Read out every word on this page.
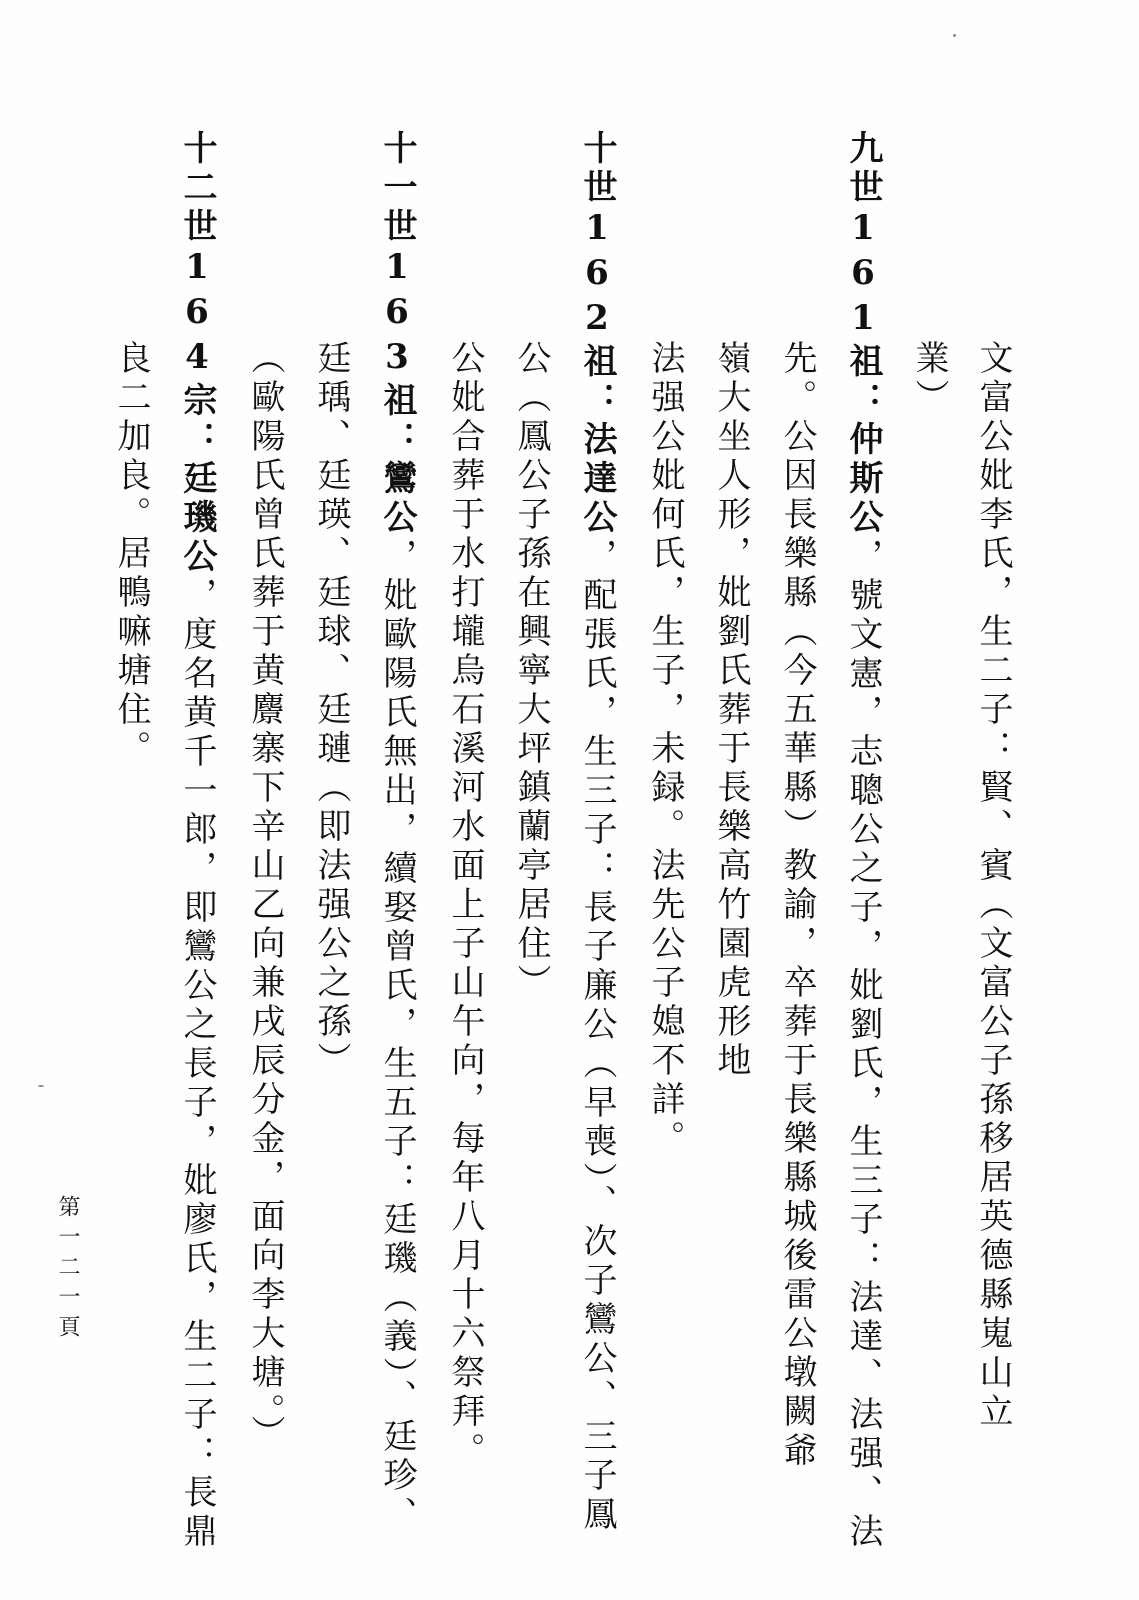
文富公妣李氏，生二子：賢、賓（文富公子孫移居英德縣嵬山立
業）
九世161祖：仲斯公，號文憲，志聰公之子，妣劉氏，生三子：法達、法强、法
先。公因長樂縣（今五華縣）教諭，卒葬于長樂縣城後雷公墩闕爺
嶺大坐人形，妣劉氏葬于長樂高竹園虎形地
法强公妣何氏，生子，未録。法先公子媳不詳。
十世162祖：法達公，配張氏，生三子：長子廉公（早喪）、次子鸞公、三子鳳
公（鳳公子孫在興寧大坪鎮蘭亭居住）
公妣合葬于水打壠烏石溪河水面上子山午向，每年八月十六祭拜。
十一世163祖：鸞公，妣歐陽氏無出，續娶曾氏，生五子：廷璣（義）、廷珍、
廷瑀、廷瑛、廷球、廷璉（即法强公之孫）
（歐陽氏曾氏葬于黄麖寨下辛山乙向兼戌辰分金，面向李大塘。）
十二世164宗：廷璣公，度名黄千一郎，即鸞公之長子，妣廖氏，生二子：長鼎
良二加良。居鴨嘛塘住。
第一二一頁
